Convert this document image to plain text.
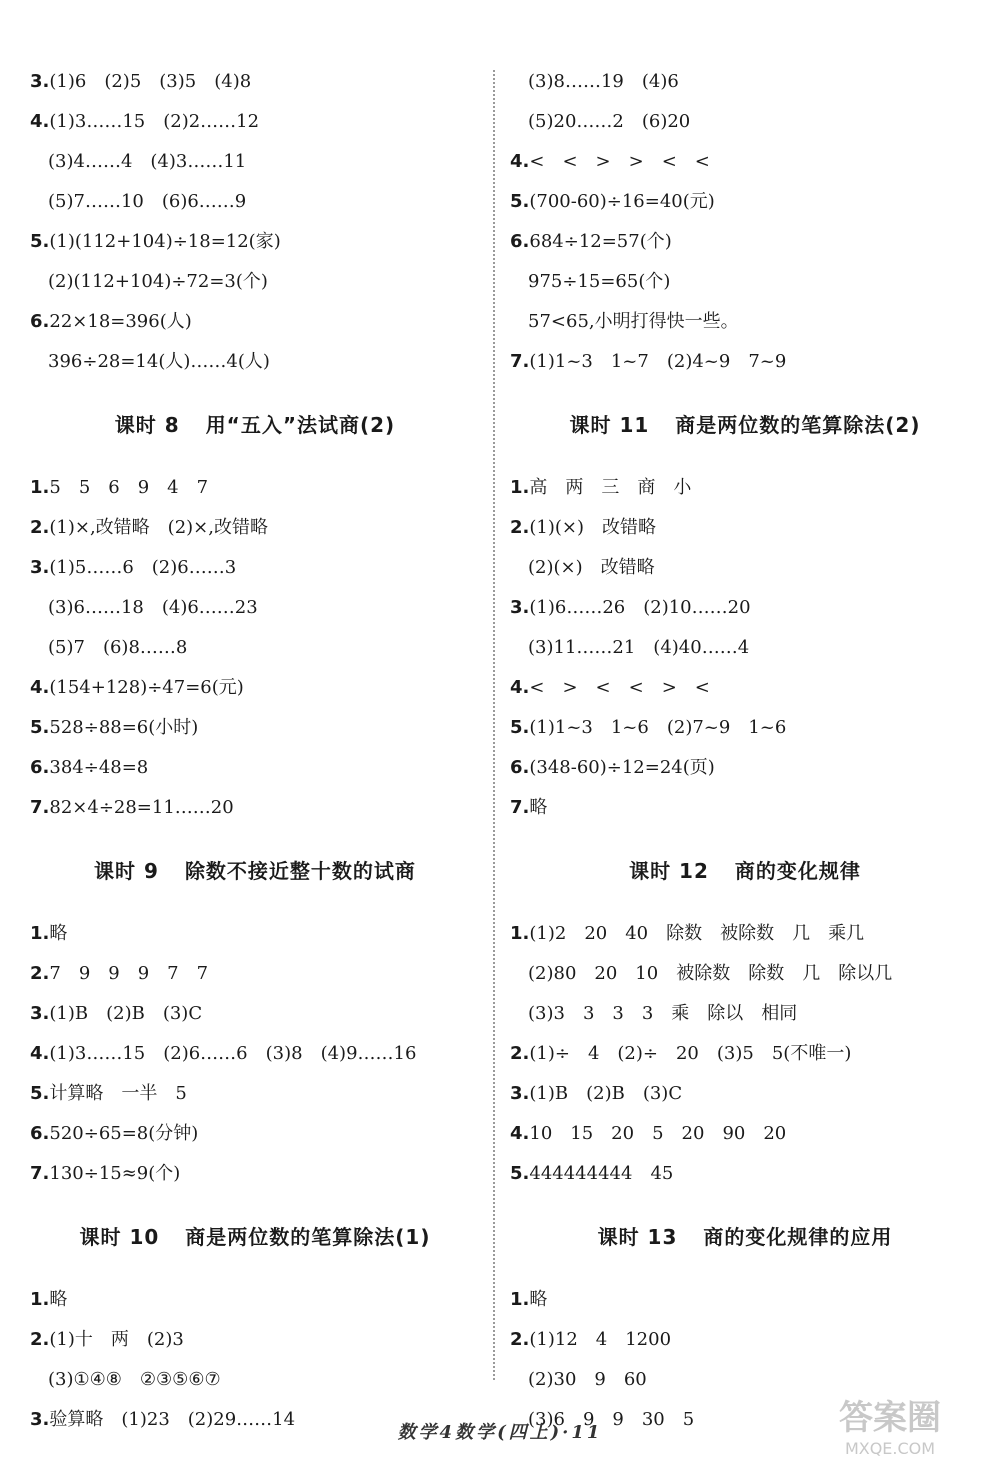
3.(1)6　(2)5　(3)5　(4)8
4.(1)3……15　(2)2……12
(3)4……4　(4)3……11
(5)7……10　(6)6……9
5.(1)(112+104)÷18=12(家)
(2)(112+104)÷72=3(个)
6.22×18=396(人)
396÷28=14(人)……4(人)
课时 8 用“五入”法试商(2)
1.5　5　6　9　4　7
2.(1)×,改错略　(2)×,改错略
3.(1)5……6　(2)6……3
(3)6……18　(4)6……23
(5)7　(6)8……8
4.(154+128)÷47=6(元)
5.528÷88=6(小时)
6.384÷48=8
7.82×4÷28=11……20
课时 9 除数不接近整十数的试商
1.略
2.7　9　9　9　7　7
3.(1)B　(2)B　(3)C
4.(1)3……15　(2)6……6　(3)8　(4)9……16
5.计算略　一半　5
6.520÷65=8(分钟)
7.130÷15≈9(个)
课时 10 商是两位数的笔算除法(1)
1.略
2.(1)十　两　(2)3
(3)①④⑧　②③⑤⑥⑦
3.验算略　(1)23　(2)29……14
(3)8……19　(4)6
(5)20……2　(6)20
4.<　<　>　>　<　<
5.(700-60)÷16=40(元)
6.684÷12=57(个)
975÷15=65(个)
57<65,小明打得快一些。
7.(1)1~3　1~7　(2)4~9　7~9
课时 11 商是两位数的笔算除法(2)
1.高　两　三　商　小
2.(1)(×)　改错略
(2)(×)　改错略
3.(1)6……26　(2)10……20
(3)11……21　(4)40……4
4.<　>　<　<　>　<
5.(1)1~3　1~6　(2)7~9　1~6
6.(348-60)÷12=24(页)
7.略
课时 12 商的变化规律
1.(1)2　20　40　除数　被除数　几　乘几
(2)80　20　10　被除数　除数　几　除以几
(3)3　3　3　3　乘　除以　相同
2.(1)÷　4　(2)÷　20　(3)5　5(不唯一)
3.(1)B　(2)B　(3)C
4.10　15　20　5　20　90　20
5.444444444　45
课时 13 商的变化规律的应用
1.略
2.(1)12　4　1200
(2)30　9　60
(3)6　9　9　30　5
数学4数学(四上)·11	答案圈
MXQE.COM
